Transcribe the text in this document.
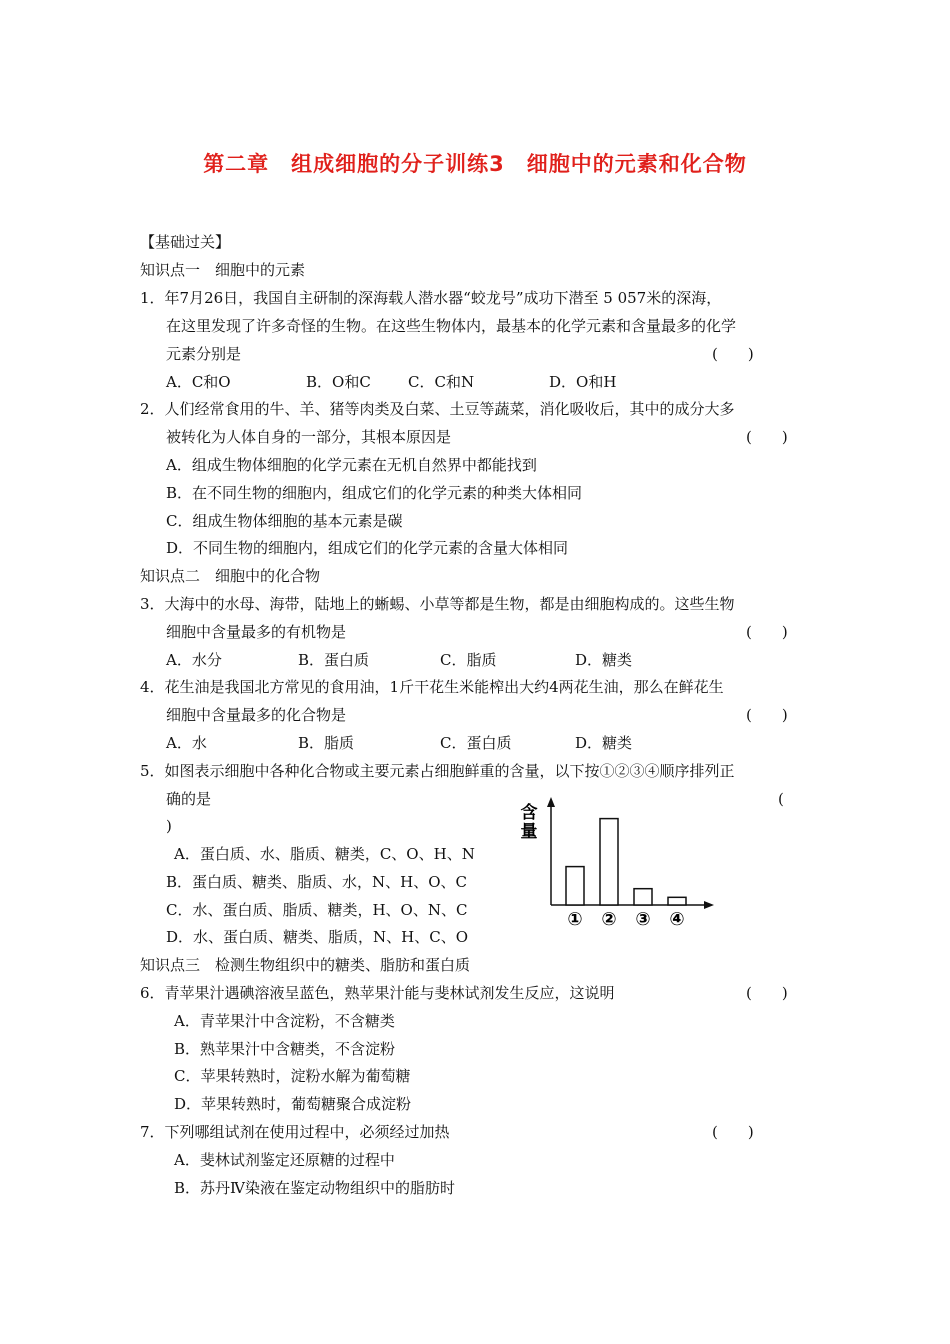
第二章　组成细胞的分子训练3　细胞中的元素和化合物
【基础过关】
知识点一　细胞中的元素
1．年7月26日，我国自主研制的深海载人潜水器“蛟龙号”成功下潜至 5 057米的深海，
在这里发现了许多奇怪的生物。在这些生物体内，最基本的化学元素和含量最多的化学
元素分别是	(　　)
A．C和O	B．O和C C．C和N	D．O和H
2．人们经常食用的牛、羊、猪等肉类及白菜、土豆等蔬菜，消化吸收后，其中的成分大多
被转化为人体自身的一部分，其根本原因是	(　　)
A．组成生物体细胞的化学元素在无机自然界中都能找到
B．在不同生物的细胞内，组成它们的化学元素的种类大体相同
C．组成生物体细胞的基本元素是碳
D．不同生物的细胞内，组成它们的化学元素的含量大体相同
知识点二　细胞中的化合物
3．大海中的水母、海带，陆地上的蜥蜴、小草等都是生物，都是由细胞构成的。这些生物
细胞中含量最多的有机物是	(　　)
A．水分	B．蛋白质	C．脂质	D．糖类
4．花生油是我国北方常见的食用油，1斤干花生米能榨出大约4两花生油，那么在鲜花生
细胞中含量最多的化合物是	(　　)
A．水	B．脂质	C．蛋白质	D．糖类
5．如图表示细胞中各种化合物或主要元素占细胞鲜重的含量，以下按①②③④顺序排列正
确的是	(
)
A．蛋白质、水、脂质、糖类，C、O、H、N
B．蛋白质、糖类、脂质、水，N、H、O、C
C．水、蛋白质、脂质、糖类，H、O、N、C
D．水、蛋白质、糖类、脂质，N、H、C、O
含
量
① ② ③ ④
知识点三　检测生物组织中的糖类、脂肪和蛋白质
6．青苹果汁遇碘溶液呈蓝色，熟苹果汁能与斐林试剂发生反应，这说明	(　　)
A．青苹果汁中含淀粉，不含糖类
B．熟苹果汁中含糖类，不含淀粉
C．苹果转熟时，淀粉水解为葡萄糖
D．苹果转熟时，葡萄糖聚合成淀粉
7．下列哪组试剂在使用过程中，必须经过加热	(　　)
A．斐林试剂鉴定还原糖的过程中
B．苏丹Ⅳ染液在鉴定动物组织中的脂肪时
